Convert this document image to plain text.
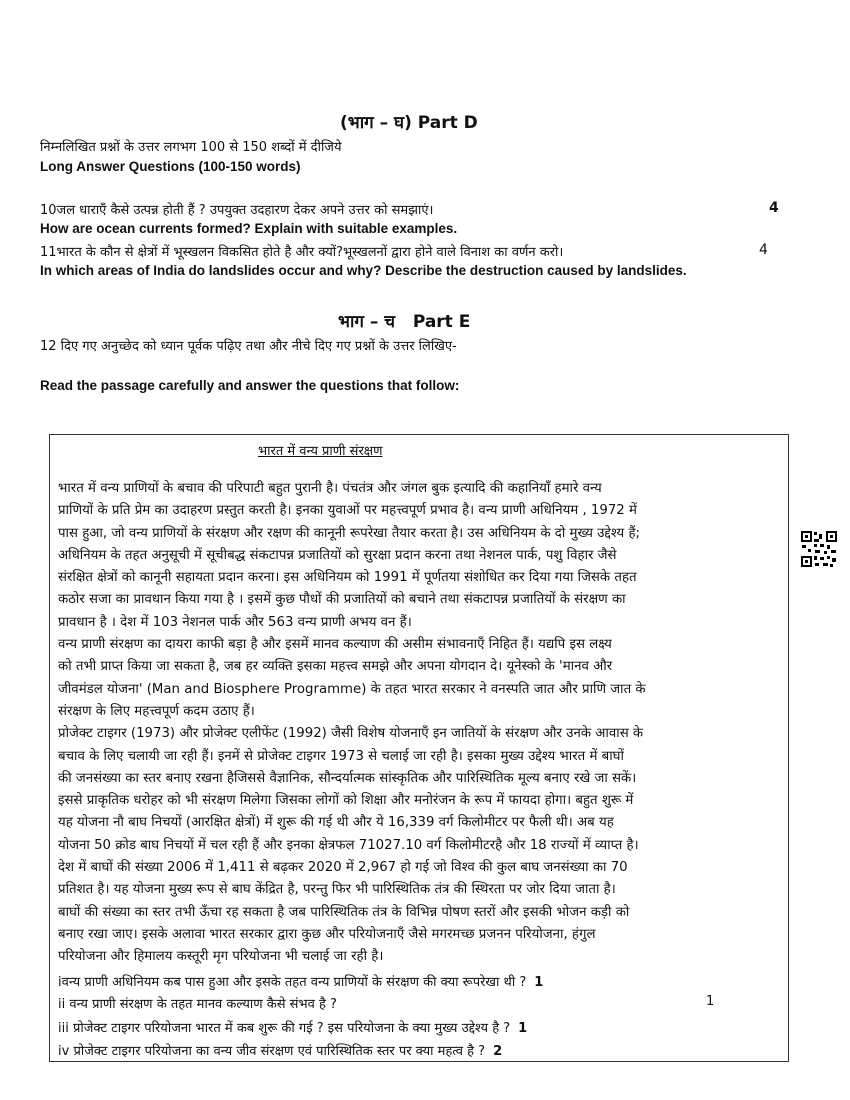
(भाग – घ) Part D
निम्नलिखित प्रश्नों के उत्तर लगभग 100 से 150 शब्दों में दीजिये
Long Answer Questions (100-150 words)
10जल धाराएँ कैसे उत्पन्न होती हैं ? उपयुक्त उदहारण देकर अपने उत्तर को समझाएं।	4
How are ocean currents formed? Explain with suitable examples.
11भारत के कौन से क्षेत्रों में भूस्खलन विकसित होते है और क्यों?भूस्खलनों द्वारा होने वाले विनाश का वर्णन करो।	4
In which areas of India do landslides occur and why? Describe the destruction caused by landslides.
भाग – च Part E
12 दिए गए अनुच्छेद को ध्यान पूर्वक पढ़िए तथा और नीचे दिए गए प्रश्नों के उत्तर लिखिए-
Read the passage carefully and answer the questions that follow:
भारत में वन्य प्राणी संरक्षण
भारत में वन्य प्राणियों के बचाव की परिपाटी बहुत पुरानी है। पंचतंत्र और जंगल बुक इत्यादि की कहानियाँ हमारे वन्य
प्राणियों के प्रति प्रेम का उदाहरण प्रस्तुत करती है। इनका युवाओं पर महत्त्वपूर्ण प्रभाव है। वन्य प्राणी अधिनियम , 1972 में
पास हुआ, जो वन्य प्राणियों के संरक्षण और रक्षण की कानूनी रूपरेखा तैयार करता है। उस अधिनियम के दो मुख्य उद्देश्य हैं;
अधिनियम के तहत अनुसूची में सूचीबद्ध संकटापन्न प्रजातियों को सुरक्षा प्रदान करना तथा नेशनल पार्क, पशु विहार जैसे
संरक्षित क्षेत्रों को कानूनी सहायता प्रदान करना। इस अधिनियम को 1991 में पूर्णतया संशोधित कर दिया गया जिसके तहत
कठोर सजा का प्रावधान किया गया है । इसमें कुछ पौधों की प्रजातियों को बचाने तथा संकटापन्न प्रजातियों के संरक्षण का
प्रावधान है । देश में 103 नेशनल पार्क और 563 वन्य प्राणी अभय वन हैं।
वन्य प्राणी संरक्षण का दायरा काफी बड़ा है और इसमें मानव कल्याण की असीम संभावनाएँ निहित हैं। यद्यपि इस लक्ष्य
को तभी प्राप्त किया जा सकता है, जब हर व्यक्ति इसका महत्त्व समझे और अपना योगदान दे। यूनेस्को के 'मानव और
जीवमंडल योजना' (Man and Biosphere Programme) के तहत भारत सरकार ने वनस्पति जात और प्राणि जात के
संरक्षण के लिए महत्त्वपूर्ण कदम उठाए हैं।
प्रोजेक्ट टाइगर (1973) और प्रोजेक्ट एलीफेंट (1992) जैसी विशेष योजनाएँ इन जातियों के संरक्षण और उनके आवास के
बचाव के लिए चलायी जा रही हैं। इनमें से प्रोजेक्ट टाइगर 1973 से चलाई जा रही है। इसका मुख्य उद्देश्य भारत में बाघों
की जनसंख्या का स्तर बनाए रखना हैजिससे वैज्ञानिक, सौन्दर्यात्मक सांस्कृतिक और पारिस्थितिक मूल्य बनाए रखे जा सकें।
इससे प्राकृतिक धरोहर को भी संरक्षण मिलेगा जिसका लोगों को शिक्षा और मनोरंजन के रूप में फायदा होगा। बहुत शुरू में
यह योजना नौ बाघ निचयों (आरक्षित क्षेत्रों) में शुरू की गई थी और ये 16,339 वर्ग किलोमीटर पर फैली थी। अब यह
योजना 50 क्रोड बाघ निचयों में चल रही हैं और इनका क्षेत्रफल 71027.10 वर्ग किलोमीटरहै और 18 राज्यों में व्याप्त है।
देश में बाघों की संख्या 2006 में 1,411 से बढ़कर 2020 में 2,967 हो गई जो विश्व की कुल बाघ जनसंख्या का 70
प्रतिशत है। यह योजना मुख्य रूप से बाघ केंद्रित है, परन्तु फिर भी पारिस्थितिक तंत्र की स्थिरता पर जोर दिया जाता है।
बाघों की संख्या का स्तर तभी ऊँचा रह सकता है जब पारिस्थितिक तंत्र के विभिन्न पोषण स्तरों और इसकी भोजन कड़ी को
बनाए रखा जाए। इसके अलावा भारत सरकार द्वारा कुछ और परियोजनाएँ जैसे मगरमच्छ प्रजनन परियोजना, हंगुल
परियोजना और हिमालय कस्तूरी मृग परियोजना भी चलाई जा रही है।
iवन्य प्राणी अधिनियम कब पास हुआ और इसके तहत वन्य प्राणियों के संरक्षण की क्या रूपरेखा थी ? 1
ii वन्य प्राणी संरक्षण के तहत मानव कल्याण कैसे संभव है ?	1
iii प्रोजेक्ट टाइगर परियोजना भारत में कब शुरू की गई ? इस परियोजना के क्या मुख्य उद्देश्य है ? 1
iv प्रोजेक्ट टाइगर परियोजना का वन्य जीव संरक्षण एवं पारिस्थितिक स्तर पर क्या महत्व है ? 2
